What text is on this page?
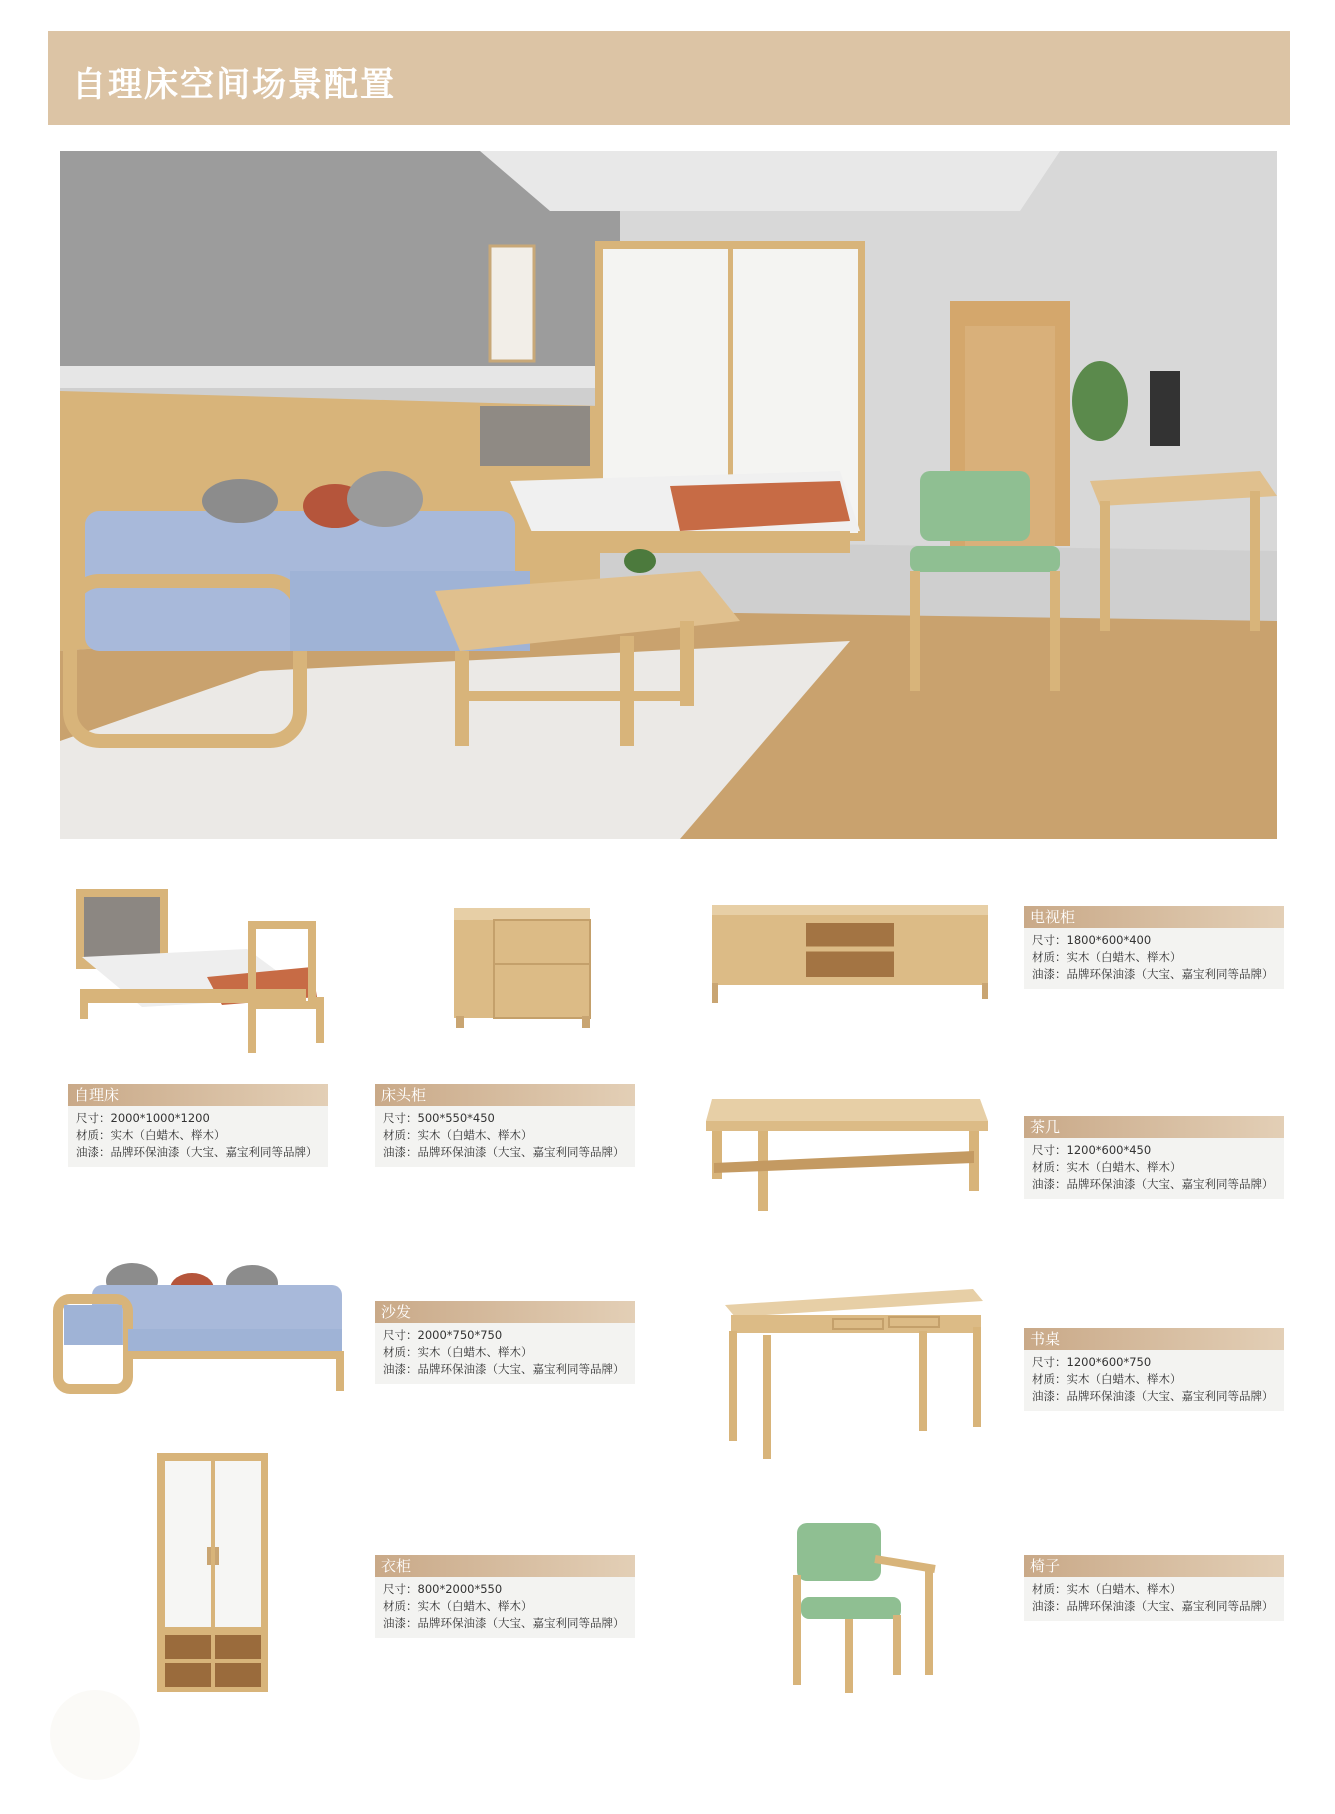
自理床空间场景配置
电视柜
尺寸：1800*600*400
材质：实木（白蜡木、榉木）
油漆：品牌环保油漆（大宝、嘉宝利同等品牌）
自理床
尺寸：2000*1000*1200
材质：实木（白蜡木、榉木）
油漆：品牌环保油漆（大宝、嘉宝利同等品牌）
床头柜
尺寸：500*550*450
材质：实木（白蜡木、榉木）
油漆：品牌环保油漆（大宝、嘉宝利同等品牌）
茶几
尺寸：1200*600*450
材质：实木（白蜡木、榉木）
油漆：品牌环保油漆（大宝、嘉宝利同等品牌）
沙发
尺寸：2000*750*750
材质：实木（白蜡木、榉木）
油漆：品牌环保油漆（大宝、嘉宝利同等品牌）
书桌
尺寸：1200*600*750
材质：实木（白蜡木、榉木）
油漆：品牌环保油漆（大宝、嘉宝利同等品牌）
衣柜
尺寸：800*2000*550
材质：实木（白蜡木、榉木）
油漆：品牌环保油漆（大宝、嘉宝利同等品牌）
椅子
材质：实木（白蜡木、榉木）
油漆：品牌环保油漆（大宝、嘉宝利同等品牌）
